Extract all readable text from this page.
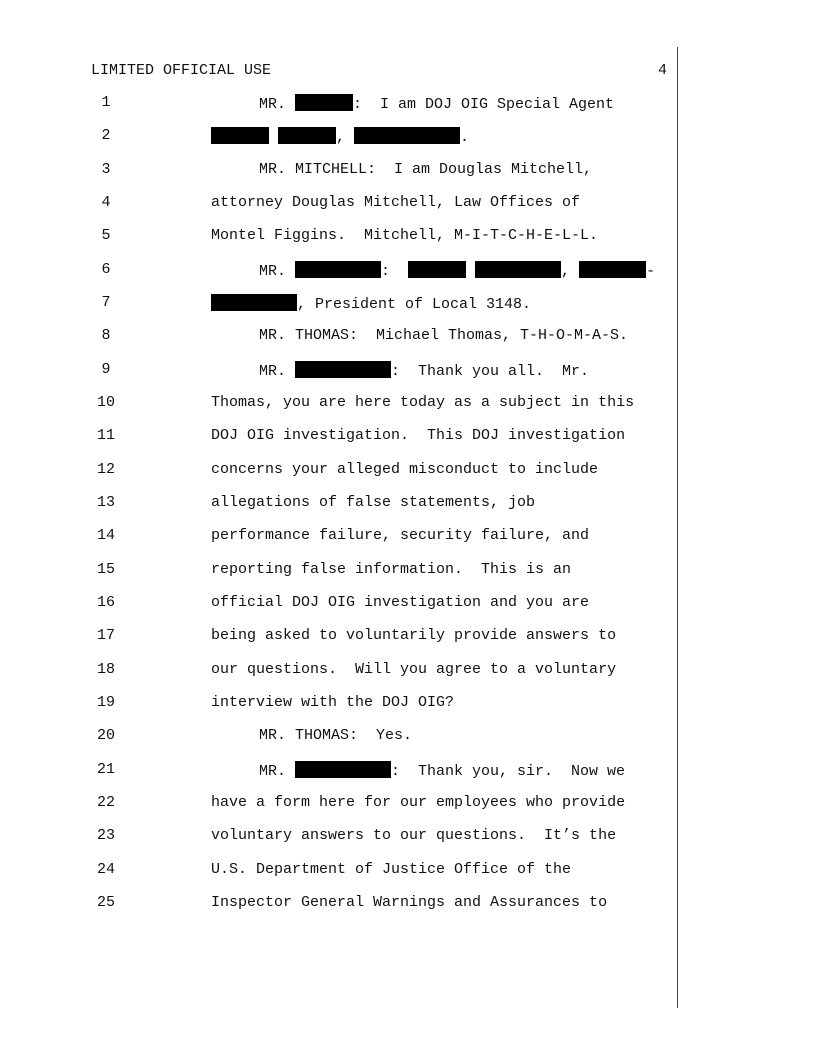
LIMITED OFFICIAL USE	4
1	MR.	:  I am DOJ OIG Special Agent
2	,	.
3	MR. MITCHELL:  I am Douglas Mitchell,
4	attorney Douglas Mitchell, Law Offices of
5	Montel Figgins.  Mitchell, M-I-T-C-H-E-L-L.
6	MR.	:	,	-
7	, President of Local 3148.
8	MR. THOMAS:  Michael Thomas, T-H-O-M-A-S.
9	MR.	:  Thank you all.  Mr.
10	Thomas, you are here today as a subject in this
11	DOJ OIG investigation.  This DOJ investigation
12	concerns your alleged misconduct to include
13	allegations of false statements, job
14	performance failure, security failure, and
15	reporting false information.  This is an
16	official DOJ OIG investigation and you are
17	being asked to voluntarily provide answers to
18	our questions.  Will you agree to a voluntary
19	interview with the DOJ OIG?
20	MR. THOMAS:  Yes.
21	MR.	:  Thank you, sir.  Now we
22	have a form here for our employees who provide
23	voluntary answers to our questions.  It’s the
24	U.S. Department of Justice Office of the
25	Inspector General Warnings and Assurances to
